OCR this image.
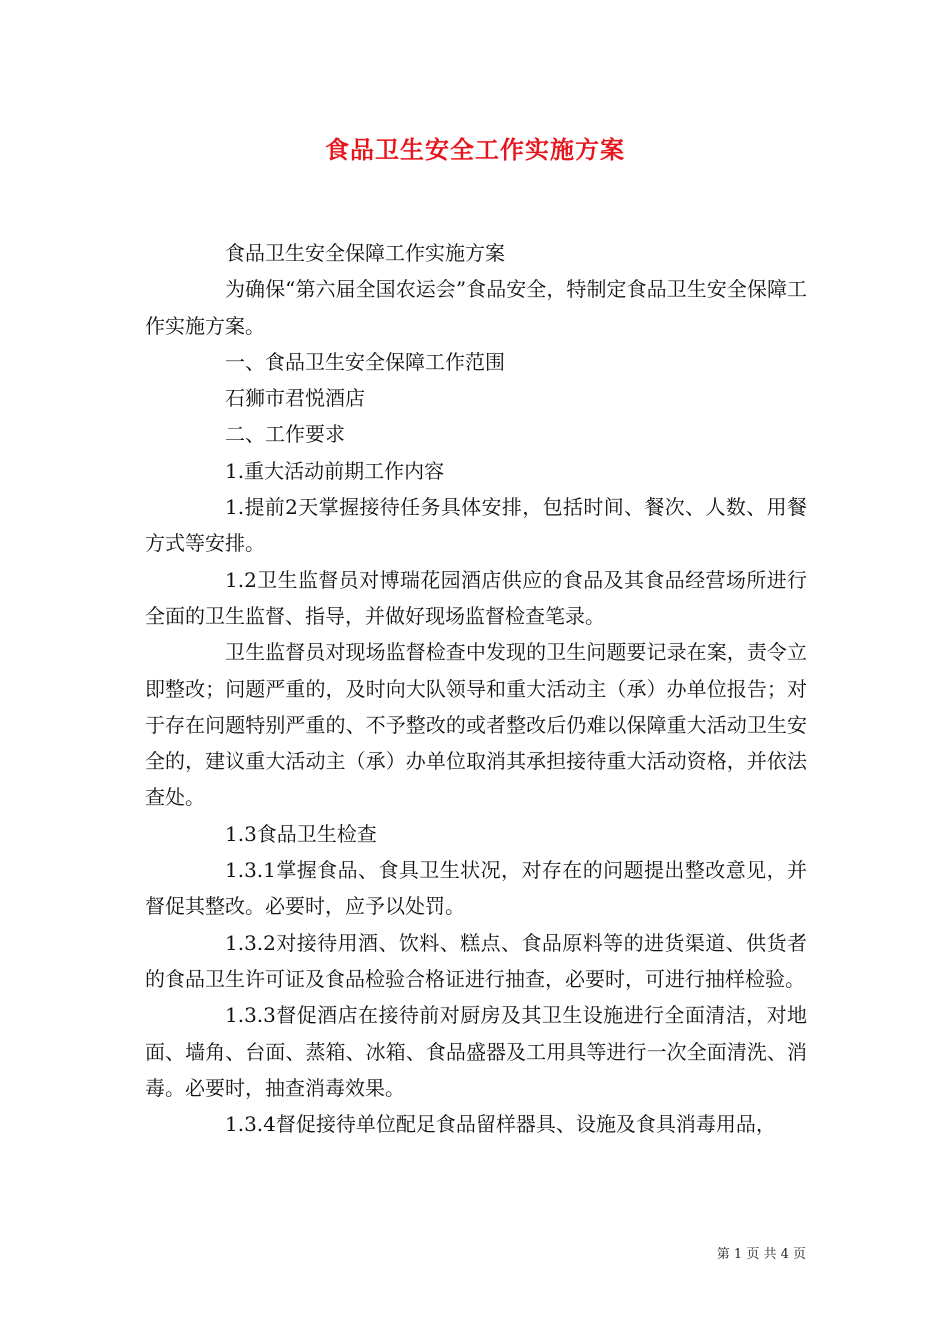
食品卫生安全工作实施方案

食品卫生安全保障工作实施方案

为确保“第六届全国农运会”食品安全，特制定食品卫生安全保障工作实施方案。

一、食品卫生安全保障工作范围

石狮市君悦酒店

二、工作要求

1.重大活动前期工作内容

1.提前2天掌握接待任务具体安排，包括时间、餐次、人数、用餐方式等安排。

1.2卫生监督员对博瑞花园酒店供应的食品及其食品经营场所进行全面的卫生监督、指导，并做好现场监督检查笔录。

卫生监督员对现场监督检查中发现的卫生问题要记录在案，责令立即整改；问题严重的，及时向大队领导和重大活动主（承）办单位报告；对于存在问题特别严重的、不予整改的或者整改后仍难以保障重大活动卫生安全的，建议重大活动主（承）办单位取消其承担接待重大活动资格，并依法查处。

1.3食品卫生检查

1.3.1掌握食品、食具卫生状况，对存在的问题提出整改意见，并督促其整改。必要时，应予以处罚。

1.3.2对接待用酒、饮料、糕点、食品原料等的进货渠道、供货者的食品卫生许可证及食品检验合格证进行抽查，必要时，可进行抽样检验。

1.3.3督促酒店在接待前对厨房及其卫生设施进行全面清洁，对地面、墙角、台面、蒸箱、冰箱、食品盛器及工用具等进行一次全面清洗、消毒。必要时，抽查消毒效果。

1.3.4督促接待单位配足食品留样器具、设施及食具消毒用品，

第 1 页 共 4 页
